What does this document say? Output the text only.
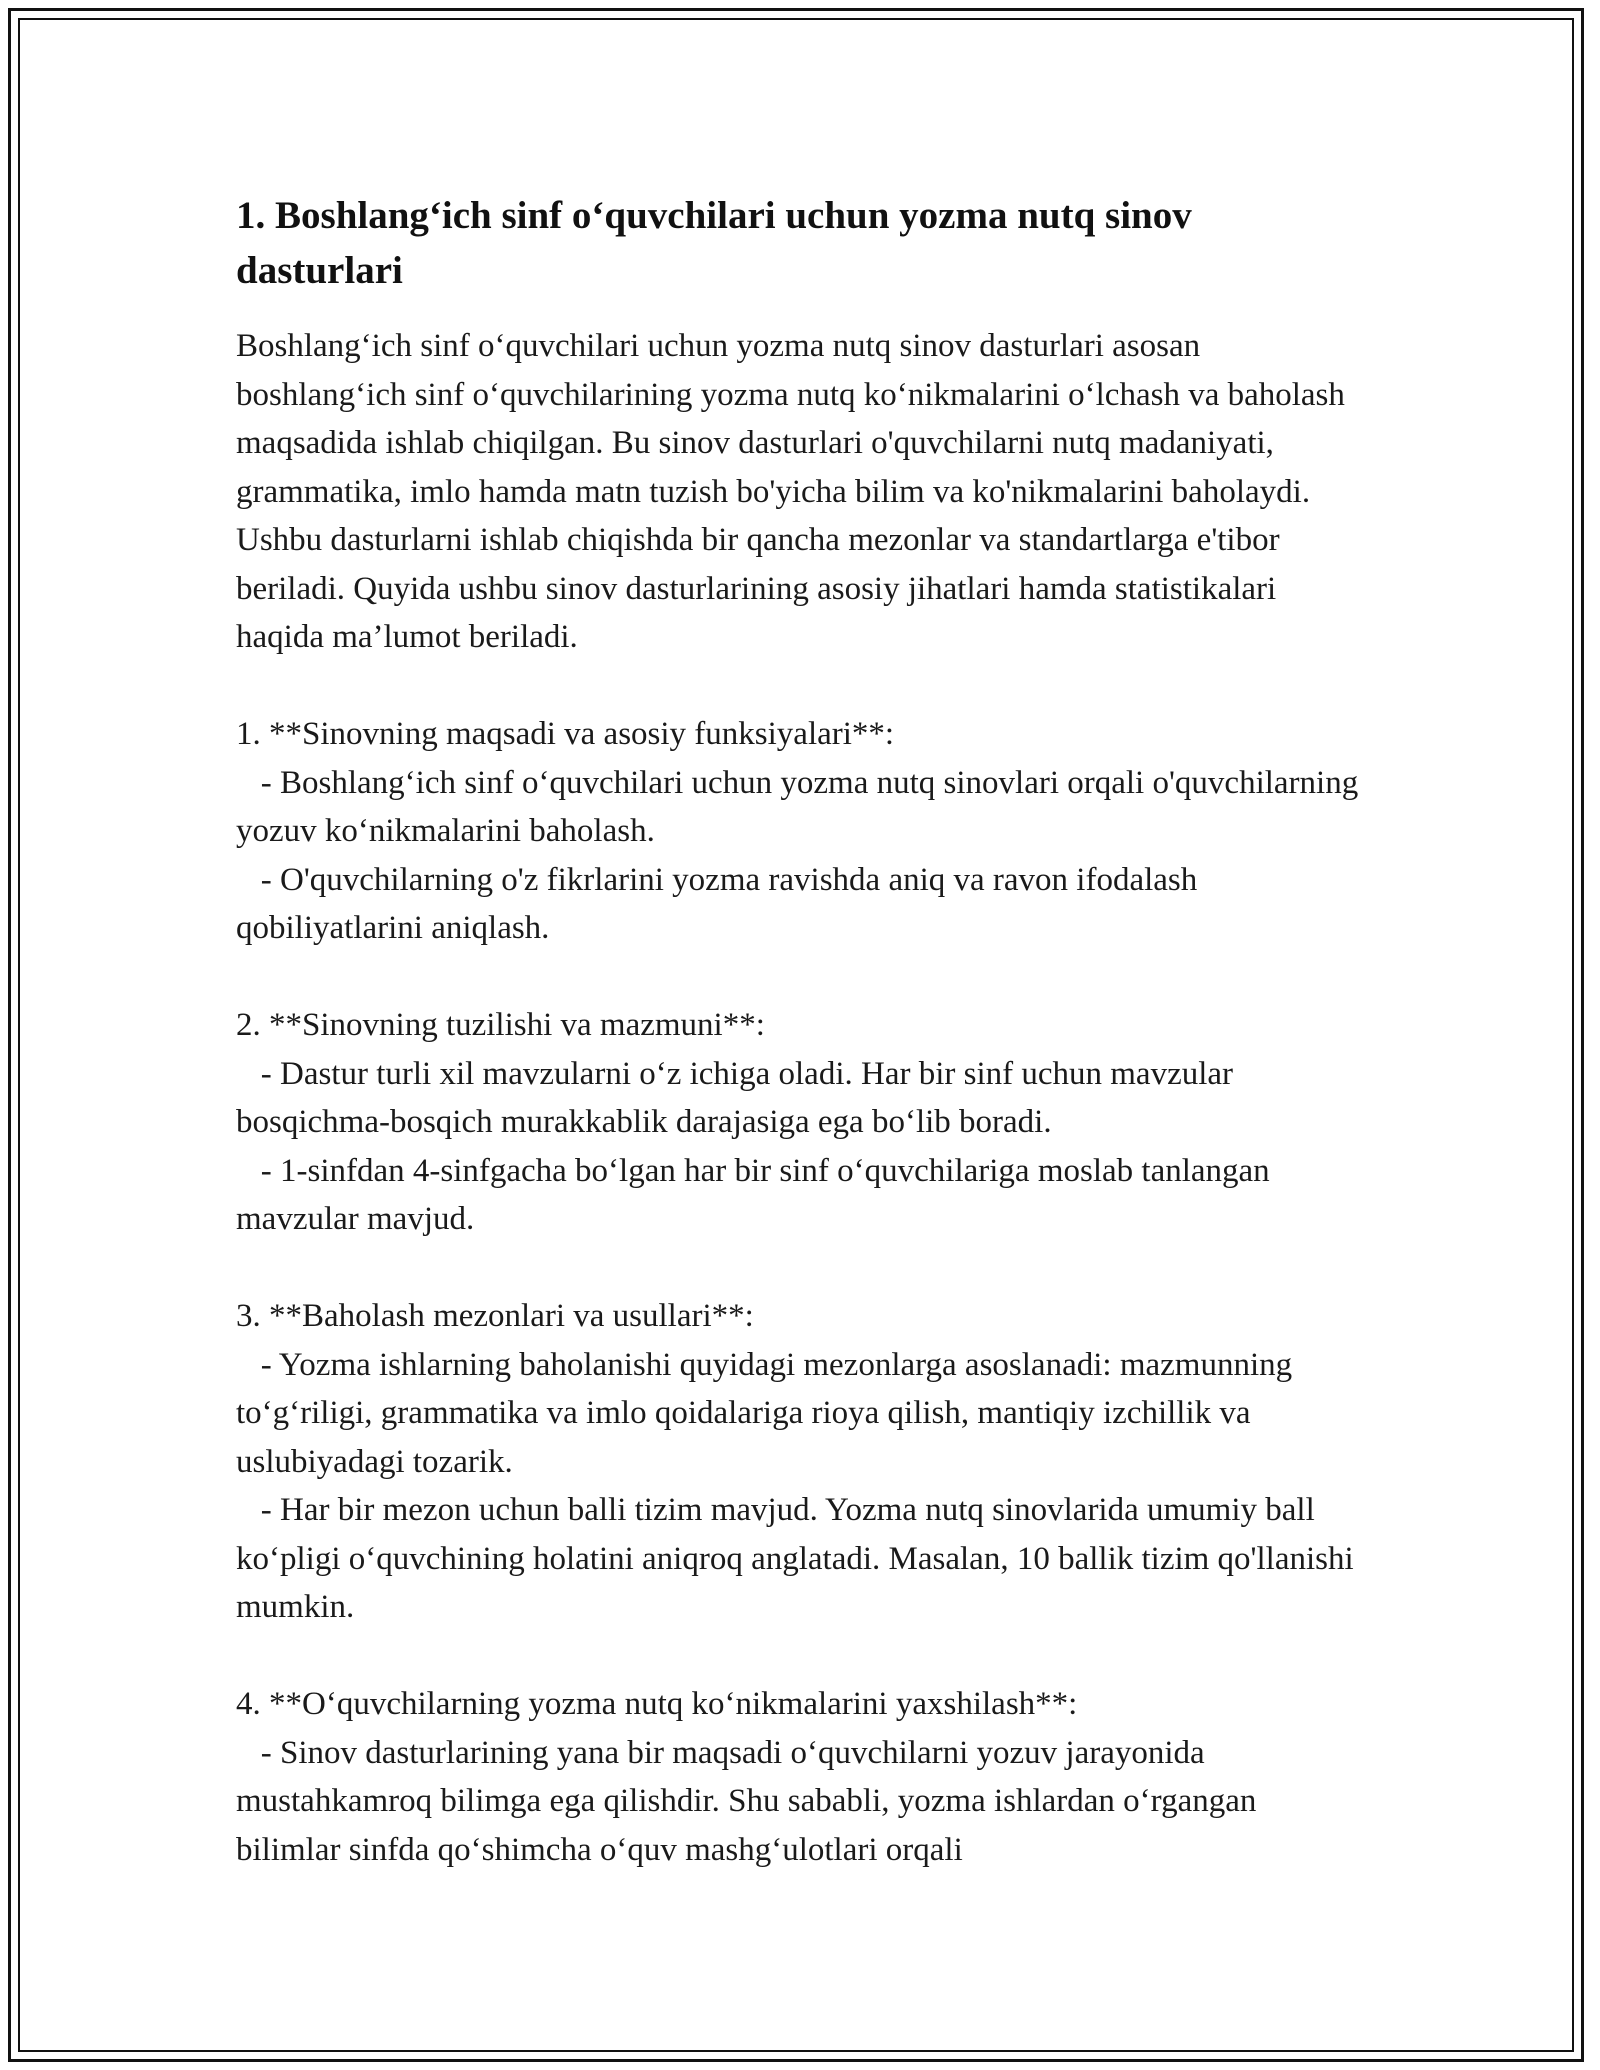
1. Boshlang‘ich sinf o‘quvchilari uchun yozma nutq sinov dasturlari

Boshlang‘ich sinf o‘quvchilari uchun yozma nutq sinov dasturlari asosan boshlang‘ich sinf o‘quvchilarining yozma nutq ko‘nikmalarini o‘lchash va baholash maqsadida ishlab chiqilgan. Bu sinov dasturlari o'quvchilarni nutq madaniyati, grammatika, imlo hamda matn tuzish bo'yicha bilim va ko'nikmalarini baholaydi. Ushbu dasturlarni ishlab chiqishda bir qancha mezonlar va standartlarga e'tibor beriladi. Quyida ushbu sinov dasturlarining asosiy jihatlari hamda statistikalari haqida ma’lumot beriladi.

1. **Sinovning maqsadi va asosiy funksiyalari**:

- Boshlang‘ich sinf o‘quvchilari uchun yozma nutq sinovlari orqali o'quvchilarning yozuv ko‘nikmalarini baholash.

- O'quvchilarning o'z fikrlarini yozma ravishda aniq va ravon ifodalash qobiliyatlarini aniqlash.

2. **Sinovning tuzilishi va mazmuni**:

- Dastur turli xil mavzularni o‘z ichiga oladi. Har bir sinf uchun mavzular bosqichma-bosqich murakkablik darajasiga ega bo‘lib boradi.

- 1-sinfdan 4-sinfgacha bo‘lgan har bir sinf o‘quvchilariga moslab tanlangan mavzular mavjud.

3. **Baholash mezonlari va usullari**:

- Yozma ishlarning baholanishi quyidagi mezonlarga asoslanadi: mazmunning to‘g‘riligi, grammatika va imlo qoidalariga rioya qilish, mantiqiy izchillik va uslubiyadagi tozarik.

- Har bir mezon uchun balli tizim mavjud. Yozma nutq sinovlarida umumiy ball ko‘pligi o‘quvchining holatini aniqroq anglatadi. Masalan, 10 ballik tizim qo'llanishi mumkin.

4. **O‘quvchilarning yozma nutq ko‘nikmalarini yaxshilash**:

- Sinov dasturlarining yana bir maqsadi o‘quvchilarni yozuv jarayonida mustahkamroq bilimga ega qilishdir. Shu sababli, yozma ishlardan o‘rgangan bilimlar sinfda qo‘shimcha o‘quv mashg‘ulotlari orqali
